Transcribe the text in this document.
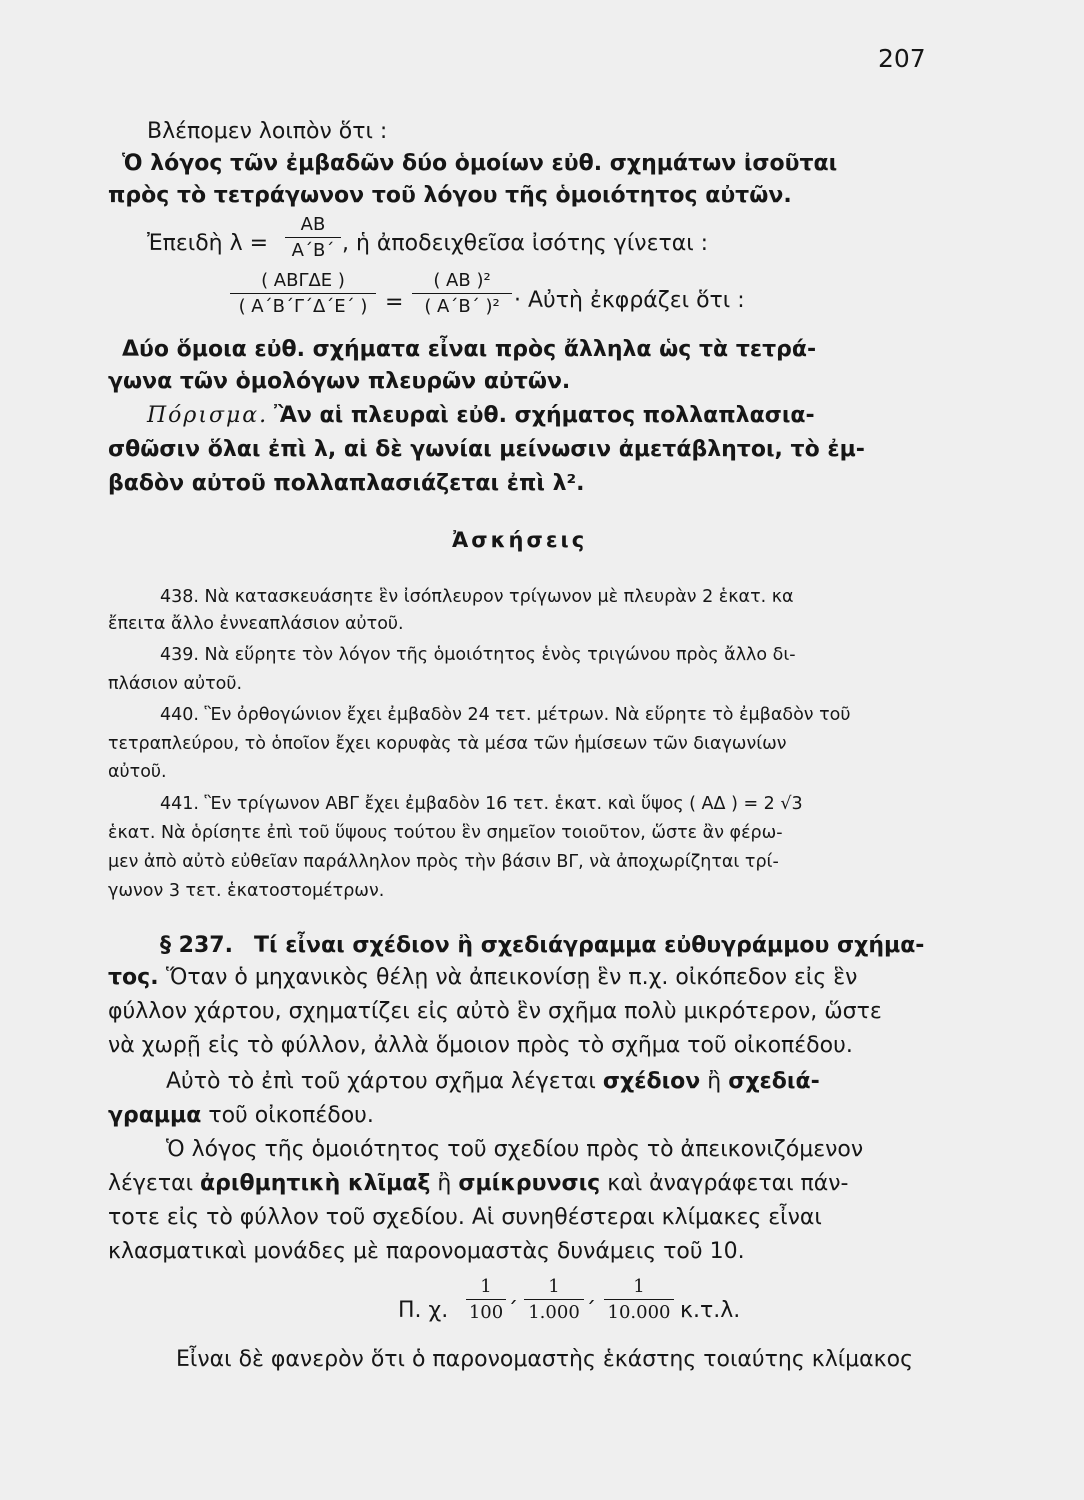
207
Βλέπομεν λοιπὸν ὅτι :
Ὁ λόγος τῶν ἐμβαδῶν δύο ὁμοίων εὐθ. σχημάτων ἰσοῦται
πρὸς τὸ τετράγωνον τοῦ λόγου τῆς ὁμοιότητος αὐτῶν.
Ἐπειδὴ λ =
ΑΒ
Α΄Β΄ , ἡ ἀποδειχθεῖσα ἰσότης γίνεται :
( ΑΒΓΔΕ )
( Α΄Β΄Γ΄Δ΄Ε΄ ) =
( ΑΒ )²
( Α΄Β΄ )² · Αὐτὴ ἐκφράζει ὅτι :
Δύο ὅμοια εὐθ. σχήματα εἶναι πρὸς ἄλληλα ὡς τὰ τετρά-
γωνα τῶν ὁμολόγων πλευρῶν αὐτῶν.
Πόρισμα. Ἂν αἱ πλευραὶ εὐθ. σχήματος πολλαπλασια-
σθῶσιν ὅλαι ἐπὶ λ, αἱ δὲ γωνίαι μείνωσιν ἀμετάβλητοι, τὸ ἐμ-
βαδὸν αὐτοῦ πολλαπλασιάζεται ἐπὶ λ².
Ἀσκήσεις
438. Νὰ κατασκευάσητε ἓν ἰσόπλευρον τρίγωνον μὲ πλευρὰν 2 ἑκατ. κα
ἔπειτα ἄλλο ἐννεαπλάσιον αὐτοῦ.
439. Νὰ εὕρητε τὸν λόγον τῆς ὁμοιότητος ἑνὸς τριγώνου πρὸς ἄλλο δι-
πλάσιον αὐτοῦ.
440. Ἓν ὀρθογώνιον ἔχει ἐμβαδὸν 24 τετ. μέτρων. Νὰ εὕρητε τὸ ἐμβαδὸν τοῦ
τετραπλεύρου, τὸ ὁποῖον ἔχει κορυφὰς τὰ μέσα τῶν ἡμίσεων τῶν διαγωνίων
αὐτοῦ.
441. Ἓν τρίγωνον ΑΒΓ ἔχει ἐμβαδὸν 16 τετ. ἑκατ. καὶ ὕψος ( ΑΔ ) = 2 √3
ἑκατ. Νὰ ὁρίσητε ἐπὶ τοῦ ὕψους τούτου ἓν σημεῖον τοιοῦτον, ὥστε ἂν φέρω-
μεν ἀπὸ αὐτὸ εὐθεῖαν παράλληλον πρὸς τὴν βάσιν ΒΓ, νὰ ἀποχωρίζηται τρί-
γωνον 3 τετ. ἑκατοστομέτρων.
§ 237. Τί εἶναι σχέδιον ἢ σχεδιάγραμμα εὐθυγράμμου σχήμα-
τος. Ὅταν ὁ μηχανικὸς θέλῃ νὰ ἀπεικονίσῃ ἓν π.χ. οἰκόπεδον εἰς ἓν
φύλλον χάρτου, σχηματίζει εἰς αὐτὸ ἓν σχῆμα πολὺ μικρότερον, ὥστε
νὰ χωρῇ εἰς τὸ φύλλον, ἀλλὰ ὅμοιον πρὸς τὸ σχῆμα τοῦ οἰκοπέδου.
Αὐτὸ τὸ ἐπὶ τοῦ χάρτου σχῆμα λέγεται σχέδιον ἢ σχεδιά-
γραμμα τοῦ οἰκοπέδου.
Ὁ λόγος τῆς ὁμοιότητος τοῦ σχεδίου πρὸς τὸ ἀπεικονιζόμενον
λέγεται ἀριθμητικὴ κλῖμαξ ἢ σμίκρυνσις καὶ ἀναγράφεται πάν-
τοτε εἰς τὸ φύλλον τοῦ σχεδίου. Αἱ συνηθέστεραι κλίμακες εἶναι
κλασματικαὶ μονάδες μὲ παρονομαστὰς δυνάμεις τοῦ 10.
Π. χ.
1
100 ΄
1
1.000 ΄
1
10.000 κ.τ.λ.
Εἶναι δὲ φανερὸν ὅτι ὁ παρονομαστὴς ἑκάστης τοιαύτης κλίμακος
